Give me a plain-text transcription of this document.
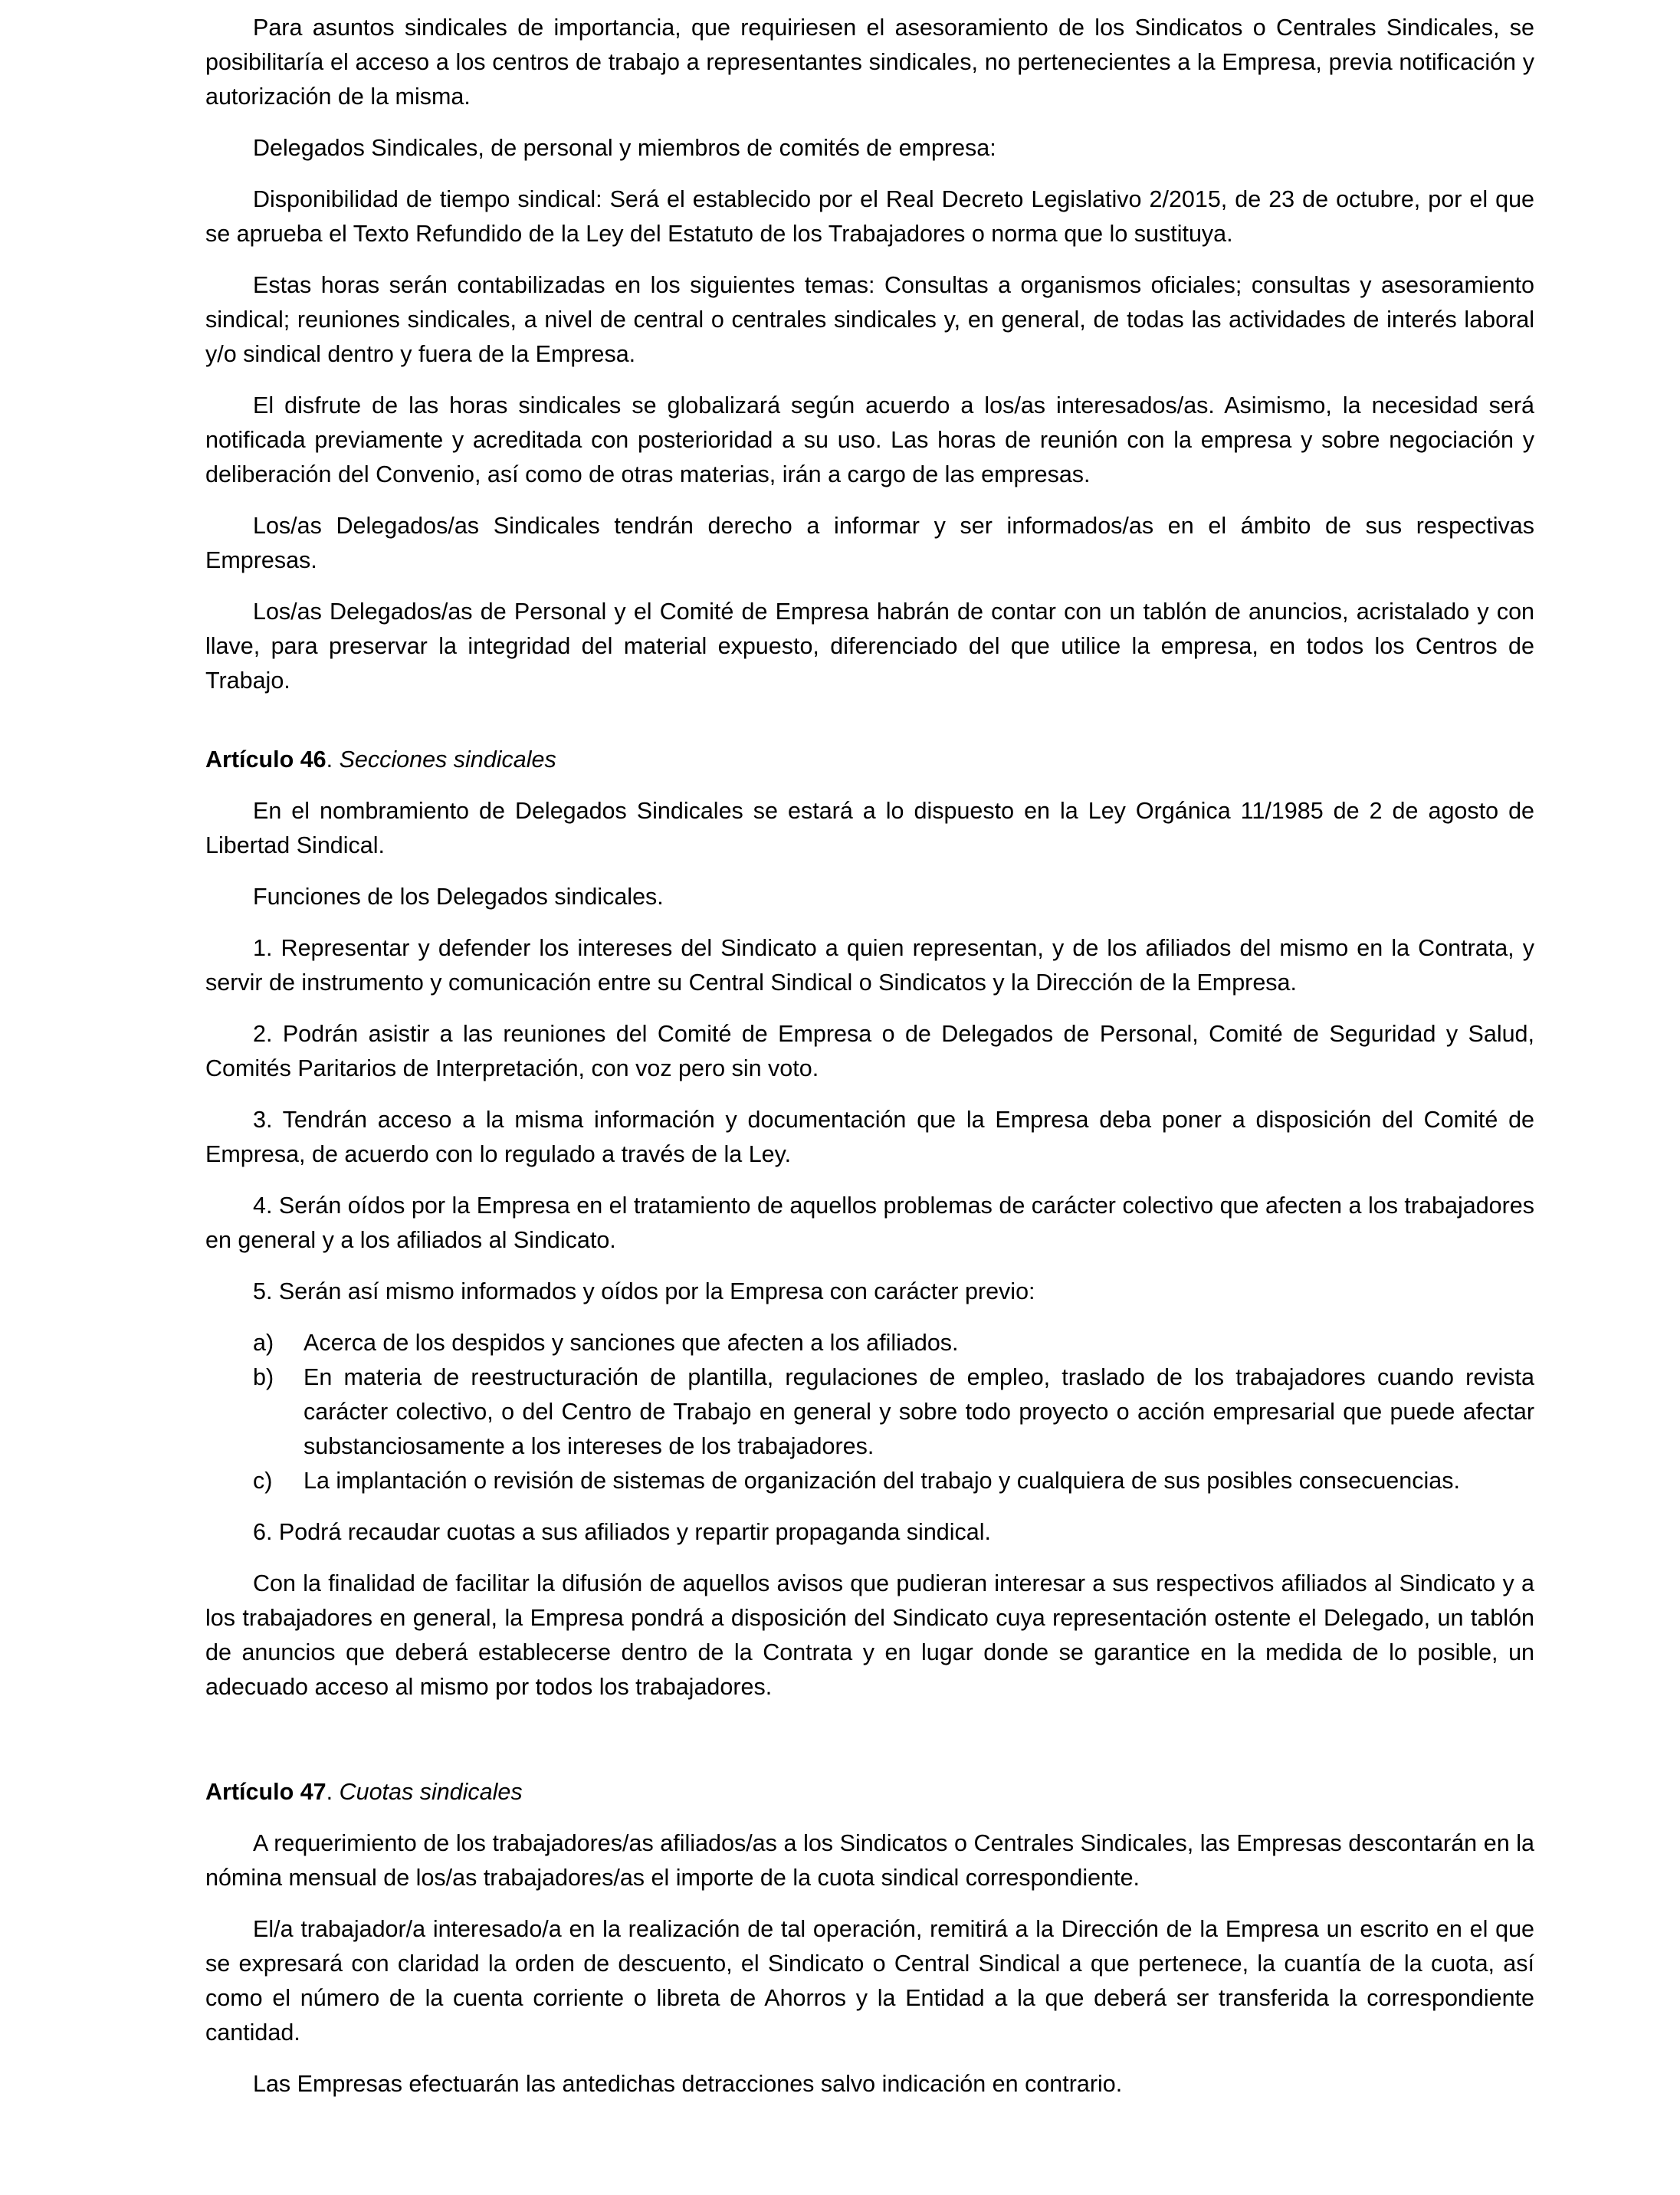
Para asuntos sindicales de importancia, que requiriesen el asesoramiento de los Sindicatos o Centrales Sindicales, se posibilitaría el acceso a los centros de trabajo a representantes sindicales, no pertenecientes a la Empresa, previa notificación y autorización de la misma.

Delegados Sindicales, de personal y miembros de comités de empresa:

Disponibilidad de tiempo sindical: Será el establecido por el Real Decreto Legislativo 2/2015, de 23 de octubre, por el que se aprueba el Texto Refundido de la Ley del Estatuto de los Trabajadores o norma que lo sustituya.

Estas horas serán contabilizadas en los siguientes temas: Consultas a organismos oficiales; consultas y asesoramiento sindical; reuniones sindicales, a nivel de central o centrales sindicales y, en general, de todas las actividades de interés laboral y/o sindical dentro y fuera de la Empresa.

El disfrute de las horas sindicales se globalizará según acuerdo a los/as interesados/as. Asimismo, la necesidad será notificada previamente y acreditada con posterioridad a su uso. Las horas de reunión con la empresa y sobre negociación y deliberación del Convenio, así como de otras materias, irán a cargo de las empresas.

Los/as Delegados/as Sindicales tendrán derecho a informar y ser informados/as en el ámbito de sus respectivas Empresas.

Los/as Delegados/as de Personal y el Comité de Empresa habrán de contar con un tablón de anuncios, acristalado y con llave, para preservar la integridad del material expuesto, diferenciado del que utilice la empresa, en todos los Centros de Trabajo.

Artículo 46. Secciones sindicales

En el nombramiento de Delegados Sindicales se estará a lo dispuesto en la Ley Orgánica 11/1985 de 2 de agosto de Libertad Sindical.

Funciones de los Delegados sindicales.

1. Representar y defender los intereses del Sindicato a quien representan, y de los afiliados del mismo en la Contrata, y servir de instrumento y comunicación entre su Central Sindical o Sindicatos y la Dirección de la Empresa.

2. Podrán asistir a las reuniones del Comité de Empresa o de Delegados de Personal, Comité de Seguridad y Salud, Comités Paritarios de Interpretación, con voz pero sin voto.

3. Tendrán acceso a la misma información y documentación que la Empresa deba poner a disposición del Comité de Empresa, de acuerdo con lo regulado a través de la Ley.

4. Serán oídos por la Empresa en el tratamiento de aquellos problemas de carácter colectivo que afecten a los trabajadores en general y a los afiliados al Sindicato.

5. Serán así mismo informados y oídos por la Empresa con carácter previo:

a)	Acerca de los despidos y sanciones que afecten a los afiliados.
b)	En materia de reestructuración de plantilla, regulaciones de empleo, traslado de los trabajadores cuando revista carácter colectivo, o del Centro de Trabajo en general y sobre todo proyecto o acción empresarial que puede afectar substanciosamente a los intereses de los trabajadores.
c)	La implantación o revisión de sistemas de organización del trabajo y cualquiera de sus posibles consecuencias.

6. Podrá recaudar cuotas a sus afiliados y repartir propaganda sindical.

Con la finalidad de facilitar la difusión de aquellos avisos que pudieran interesar a sus respectivos afiliados al Sindicato y a los trabajadores en general, la Empresa pondrá a disposición del Sindicato cuya representación ostente el Delegado, un tablón de anuncios que deberá establecerse dentro de la Contrata y en lugar donde se garantice en la medida de lo posible, un adecuado acceso al mismo por todos los trabajadores.

Artículo 47. Cuotas sindicales

A requerimiento de los trabajadores/as afiliados/as a los Sindicatos o Centrales Sindicales, las Empresas descontarán en la nómina mensual de los/as trabajadores/as el importe de la cuota sindical correspondiente.

El/a trabajador/a interesado/a en la realización de tal operación, remitirá a la Dirección de la Empresa un escrito en el que se expresará con claridad la orden de descuento, el Sindicato o Central Sindical a que pertenece, la cuantía de la cuota, así como el número de la cuenta corriente o libreta de Ahorros y la Entidad a la que deberá ser transferida la correspondiente cantidad.

Las Empresas efectuarán las antedichas detracciones salvo indicación en contrario.
